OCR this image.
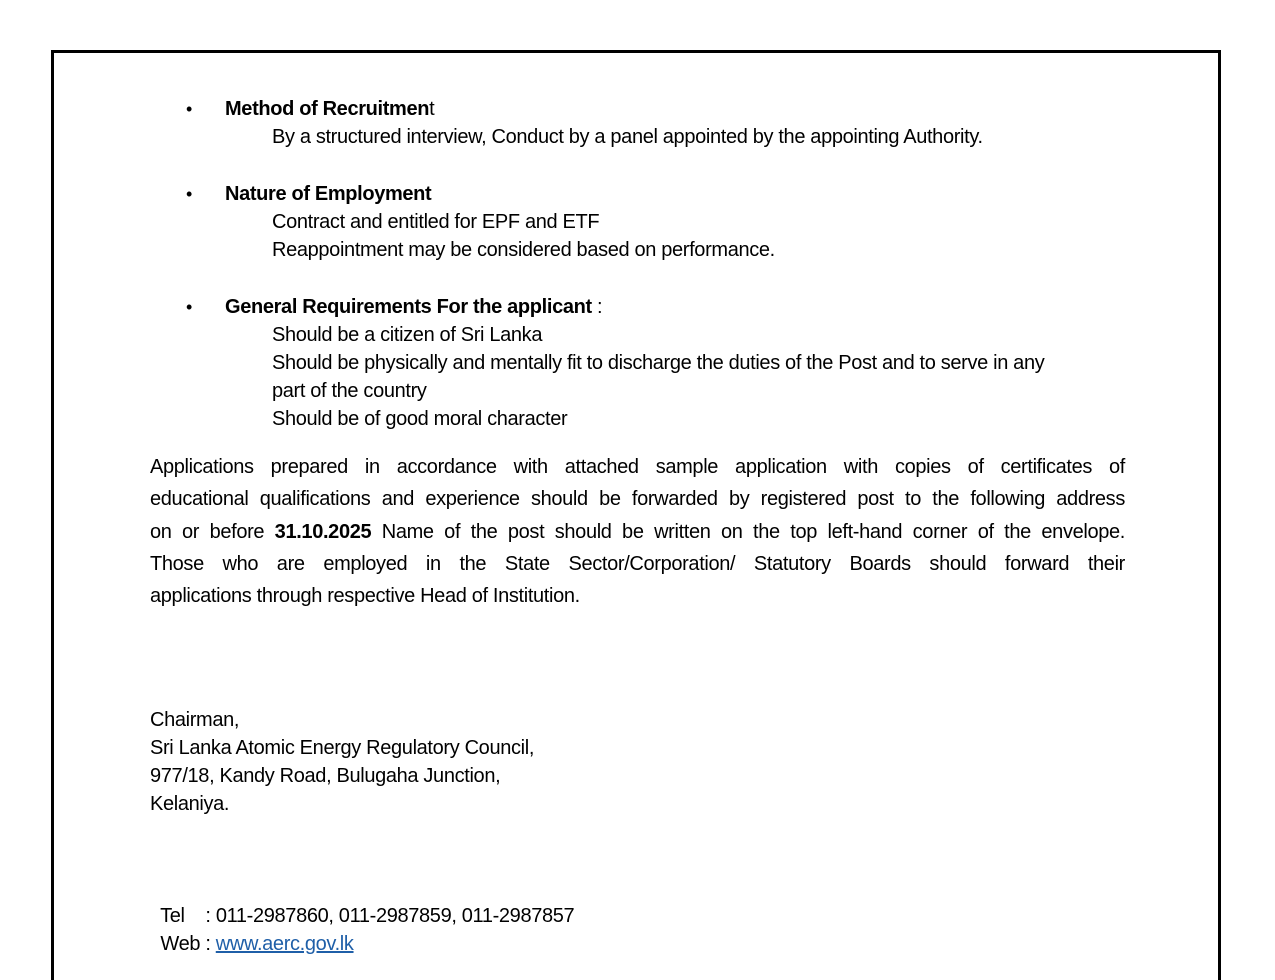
• Method of Recruitment
By a structured interview, Conduct by a panel appointed by the appointing Authority.
• Nature of Employment
Contract and entitled for EPF and ETF
Reappointment may be considered based on performance.
• General Requirements For the applicant :
Should be a citizen of Sri Lanka
Should be physically and mentally fit to discharge the duties of the Post and to serve in any
part of the country
Should be of good moral character
Applications prepared in accordance with attached sample application with copies of certificates of
educational qualifications and experience should be forwarded by registered post to the following address
on or before 31.10.2025 Name of the post should be written on the top left-hand corner of the envelope.
Those who are employed in the State Sector/Corporation/ Statutory Boards should forward their
applications through respective Head of Institution.
Chairman,
Sri Lanka Atomic Energy Regulatory Council,
977/18, Kandy Road, Bulugaha Junction,
Kelaniya.

Tel    : 011-2987860, 011-2987859, 011-2987857

Web : www.aerc.gov.lk
